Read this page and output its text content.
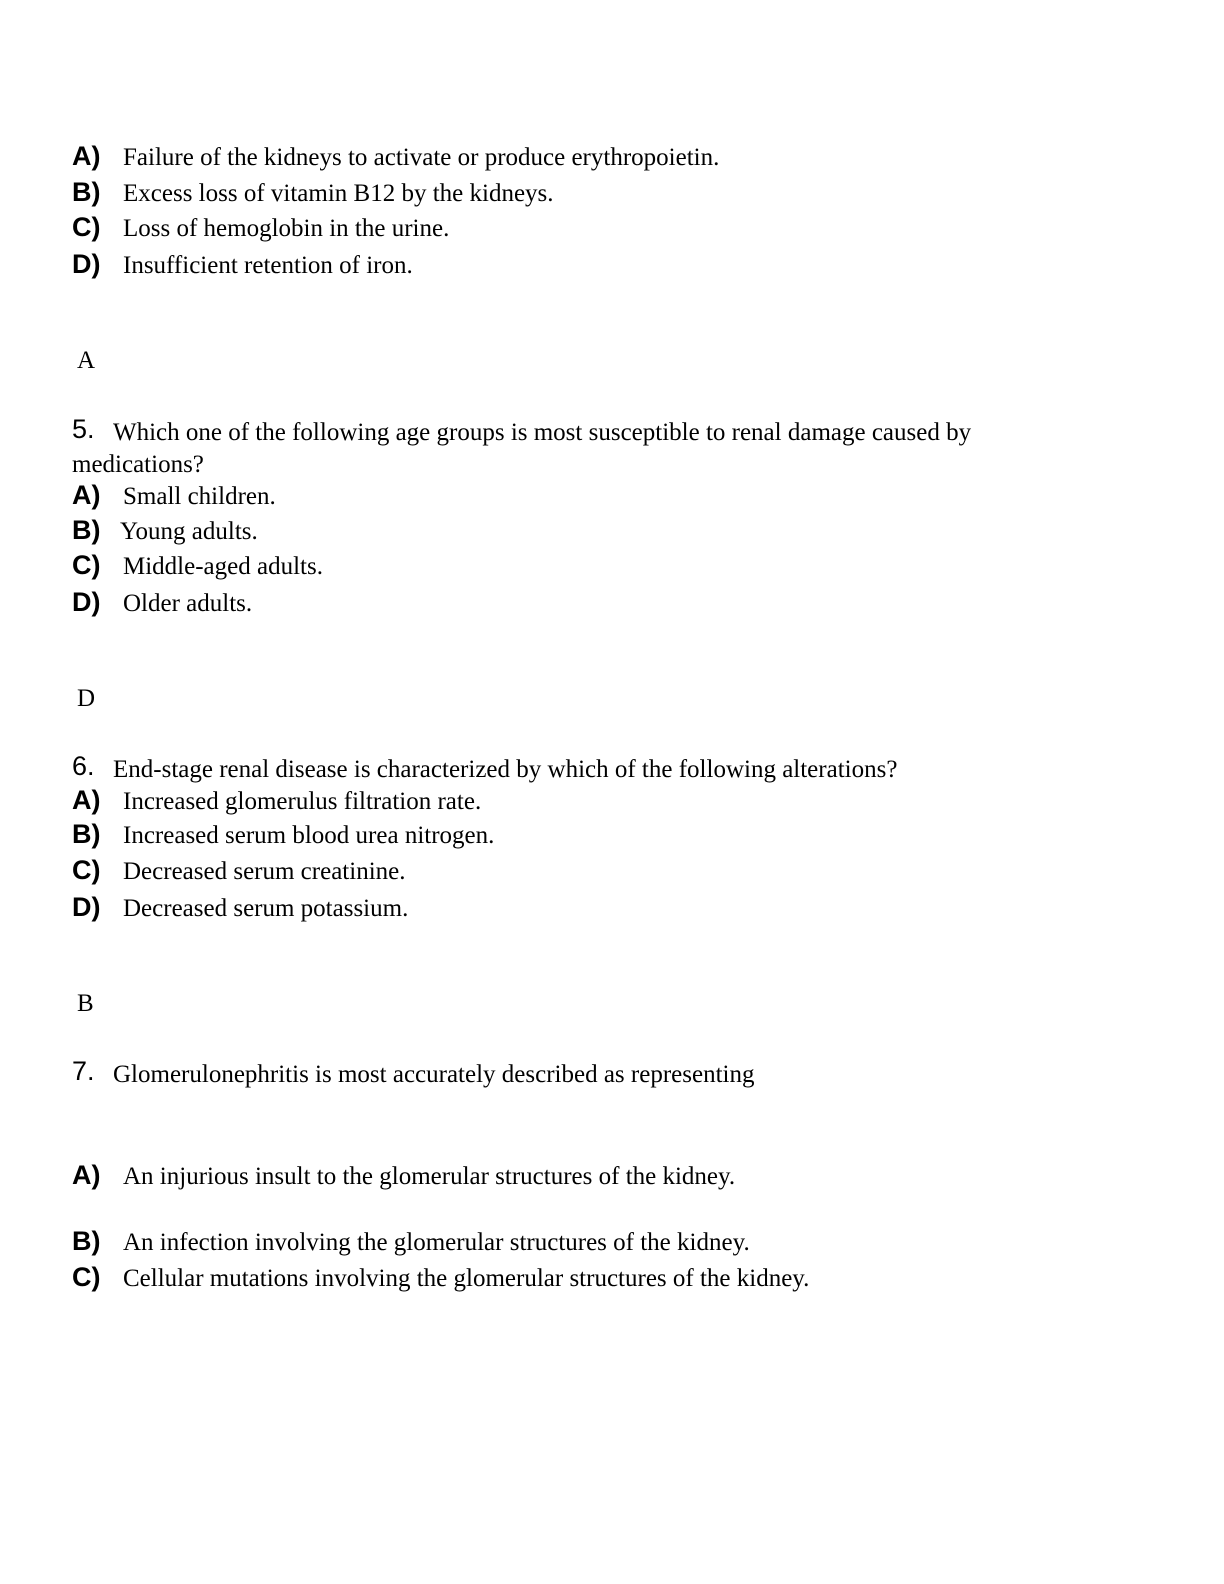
A) Failure of the kidneys to activate or produce erythropoietin.
B) Excess loss of vitamin B12 by the kidneys.
C) Loss of hemoglobin in the urine.
D) Insufficient retention of iron.
A
5. Which one of the following age groups is most susceptible to renal damage caused by
medications?
A) Small children.
B) Young adults.
C) Middle-aged adults.
D) Older adults.
D
6. End-stage renal disease is characterized by which of the following alterations?
A) Increased glomerulus filtration rate.
B) Increased serum blood urea nitrogen.
C) Decreased serum creatinine.
D) Decreased serum potassium.
B
7. Glomerulonephritis is most accurately described as representing
A) An injurious insult to the glomerular structures of the kidney.
B) An infection involving the glomerular structures of the kidney.
C) Cellular mutations involving the glomerular structures of the kidney.
